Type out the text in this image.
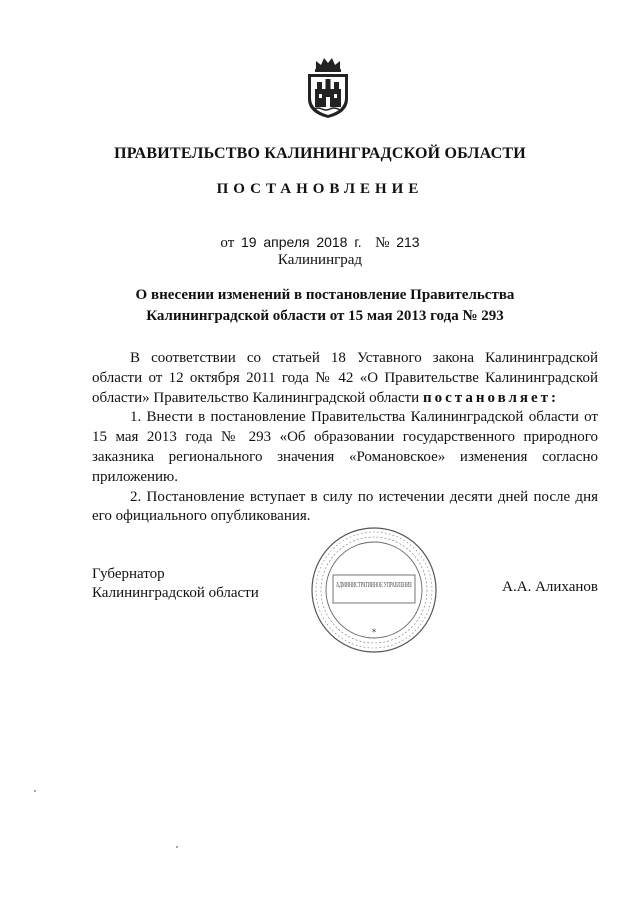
ПРАВИТЕЛЬСТВО КАЛИНИНГРАДСКОЙ ОБЛАСТИ
ПОСТАНОВЛЕНИЕ
от 19 апреля 2018 г. № 213
Калининград
О внесении изменений в постановление Правительства
Калининградской области от 15 мая 2013 года № 293

В соответствии со статьей 18 Уставного закона Калининградской области от 12 октября 2011 года № 42 «О Правительстве Калининградской области» Правительство Калининградской области постановляет:

1. Внести в постановление Правительства Калининградской области от 15 мая 2013 года № 293 «Об образовании государственного природного заказника регионального значения «Романовское» изменения согласно приложению.

2. Постановление вступает в силу по истечении десяти дней после дня его официального опубликования.

АДМИНИСТРАТИВНОЕ УПРАВЛЕНИЕ
*
Губернатор
Калининградской области	А.А. Алиханов
